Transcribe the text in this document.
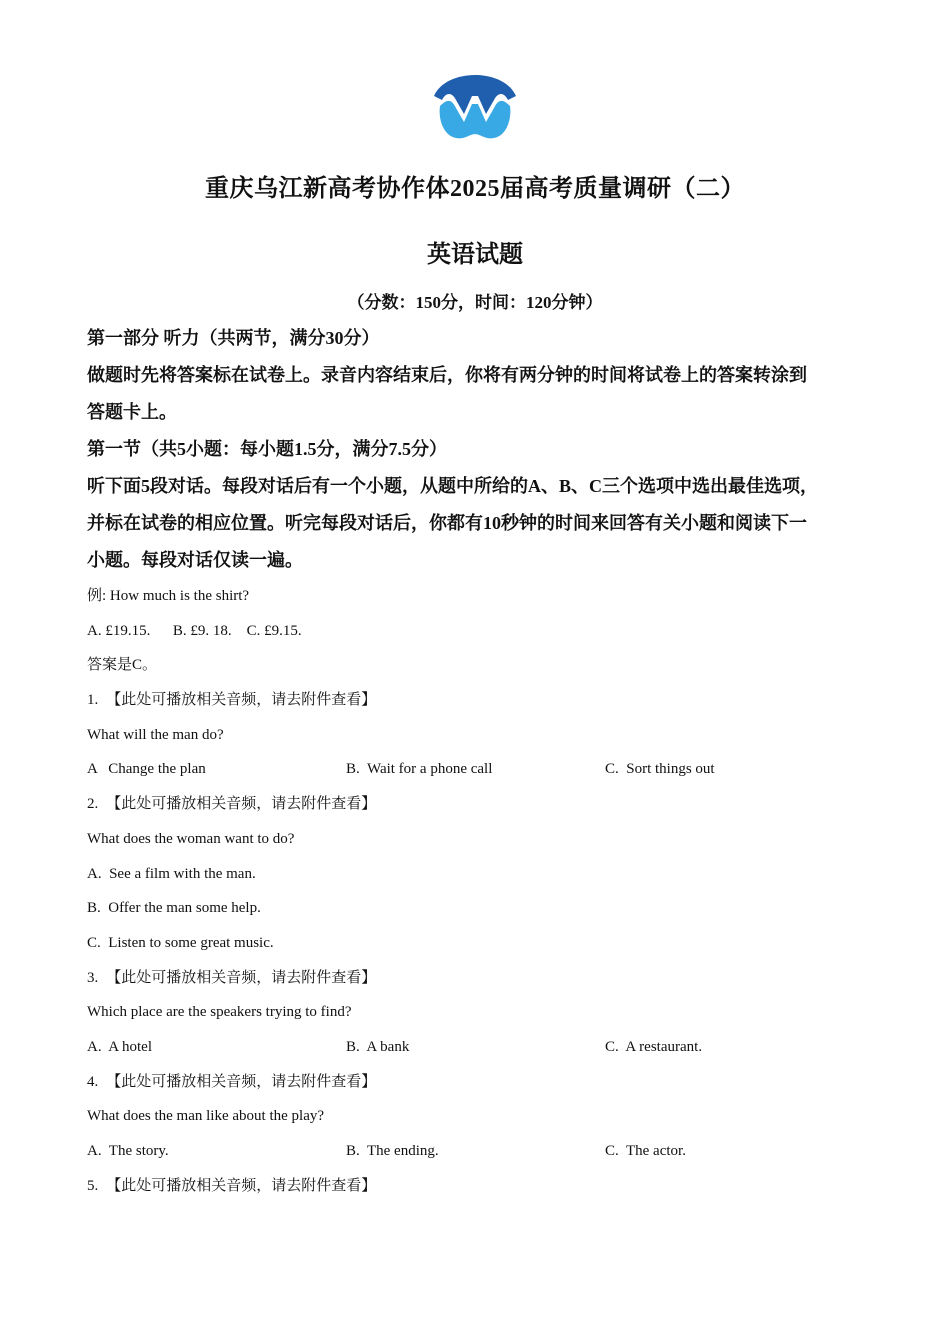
重庆乌江新高考协作体2025届高考质量调研（二）
英语试题
（分数：150分，时间：120分钟）
第一部分 听力（共两节，满分30分）
做题时先将答案标在试卷上。录音内容结束后，你将有两分钟的时间将试卷上的答案转涂到
答题卡上。
第一节（共5小题：每小题1.5分，满分7.5分）
听下面5段对话。每段对话后有一个小题，从题中所给的A、B、C三个选项中选出最佳选项，
并标在试卷的相应位置。听完每段对话后，你都有10秒钟的时间来回答有关小题和阅读下一
小题。每段对话仅读一遍。
例: How much is the shirt?
A. £19.15.      B. £9. 18.    C. £9.15.
答案是C。
1. 【此处可播放相关音频，请去附件查看】
What will the man do?
A   Change the plan	B.  Wait for a phone call	C.  Sort things out
2. 【此处可播放相关音频，请去附件查看】
What does the woman want to do?
A.  See a film with the man.
B.  Offer the man some help.
C.  Listen to some great music.
3. 【此处可播放相关音频，请去附件查看】
Which place are the speakers trying to find?
A.  A hotel	B.  A bank	C.  A restaurant.
4. 【此处可播放相关音频，请去附件查看】
What does the man like about the play?
A.  The story.	B.  The ending.	C.  The actor.
5. 【此处可播放相关音频，请去附件查看】
